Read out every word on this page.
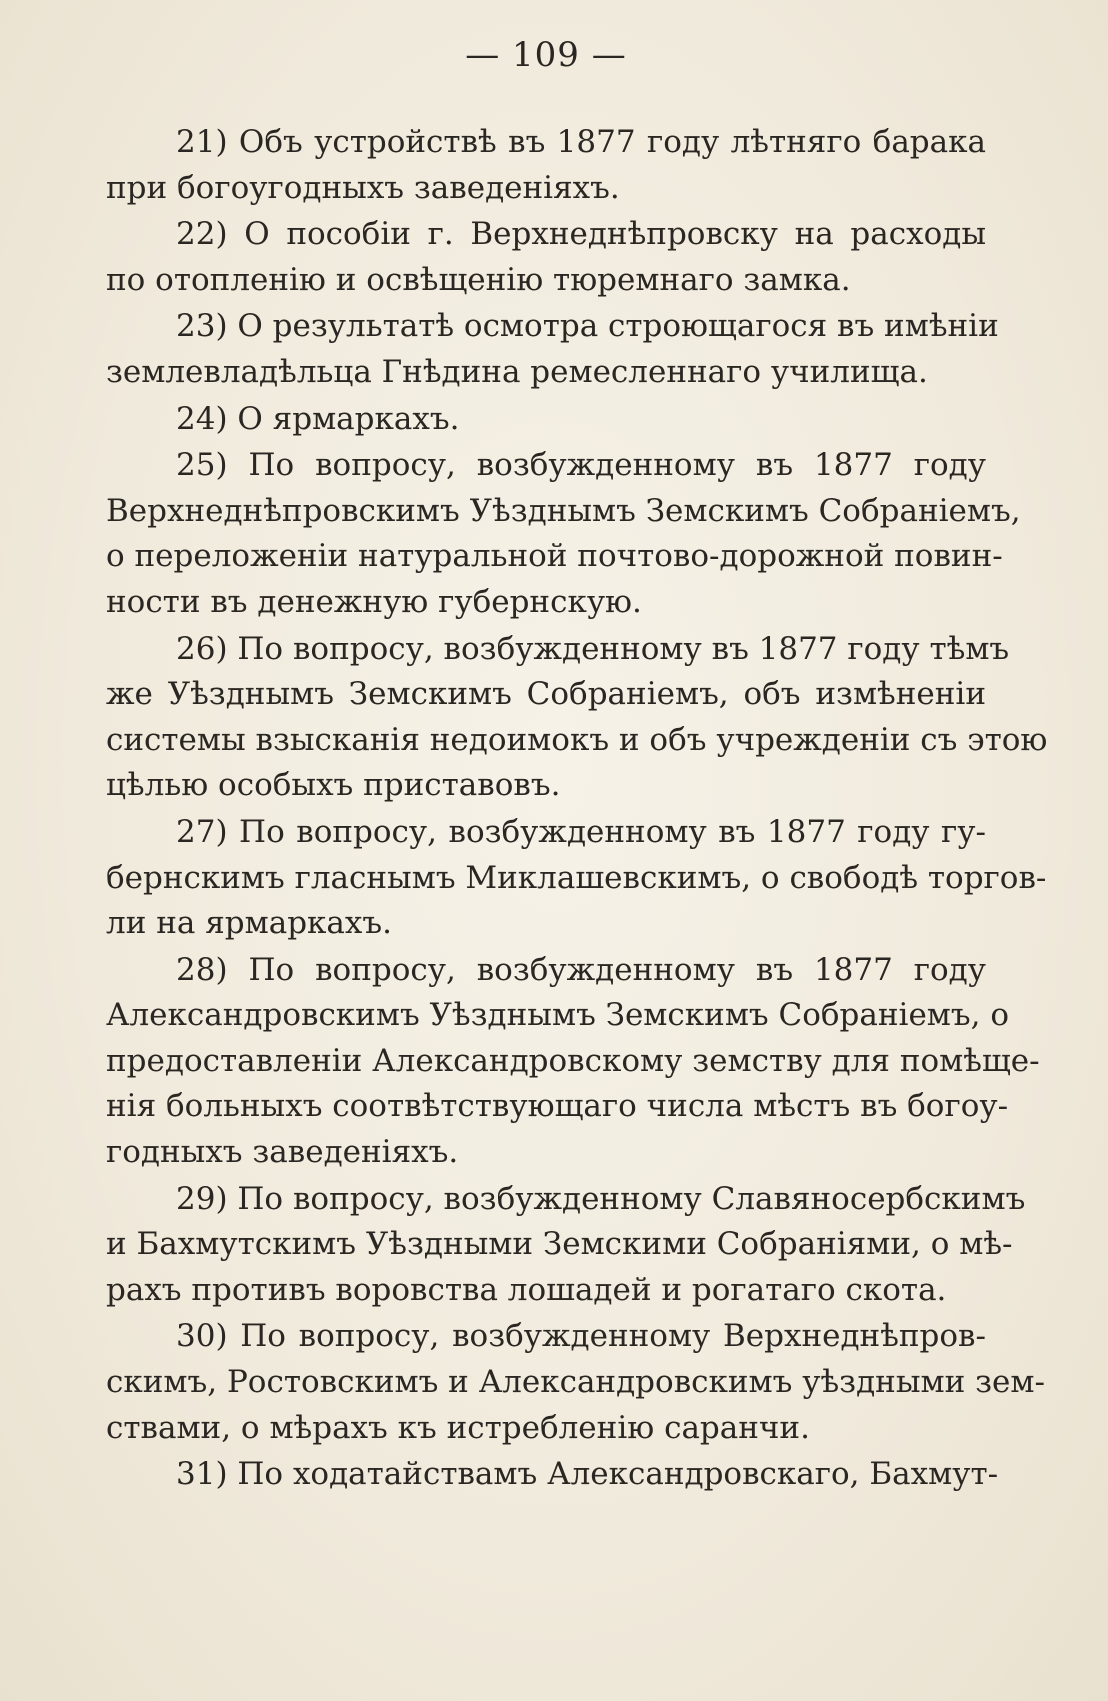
— 109 —

21) Объ устройствѣ въ 1877 году лѣтняго барака
при богоугодныхъ заведеніяхъ.

22) О пособіи г. Верхнеднѣпровску на расходы
по отопленію и освѣщенію тюремнаго замка.

23) О результатѣ осмотра строющагося въ имѣніи
землевладѣльца Гнѣдина ремесленнаго училища.

24) О ярмаркахъ.

25) По вопросу, возбужденному въ 1877 году
Верхнеднѣпровскимъ Уѣзднымъ Земскимъ Собраніемъ,
о переложеніи натуральной почтово-дорожной повин-
ности въ денежную губернскую.

26) По вопросу, возбужденному въ 1877 году тѣмъ
же Уѣзднымъ Земскимъ Собраніемъ, объ измѣненіи
системы взысканія недоимокъ и объ учрежденіи съ этою
цѣлью особыхъ приставовъ.

27) По вопросу, возбужденному въ 1877 году гу-
бернскимъ гласнымъ Миклашевскимъ, о свободѣ торгов-
ли на ярмаркахъ.

28) По вопросу, возбужденному въ 1877 году
Александровскимъ Уѣзднымъ Земскимъ Собраніемъ, о
предоставленіи Александровскому земству для помѣще-
нія больныхъ соотвѣтствующаго числа мѣстъ въ богоу-
годныхъ заведеніяхъ.

29) По вопросу, возбужденному Славяносербскимъ
и Бахмутскимъ Уѣздными Земскими Собраніями, о мѣ-
рахъ противъ воровства лошадей и рогатаго скота.

30) По вопросу, возбужденному Верхнеднѣпров-
скимъ, Ростовскимъ и Александровскимъ уѣздными зем-
ствами, о мѣрахъ къ истребленію саранчи.

31) По ходатайствамъ Александровскаго, Бахмут-
